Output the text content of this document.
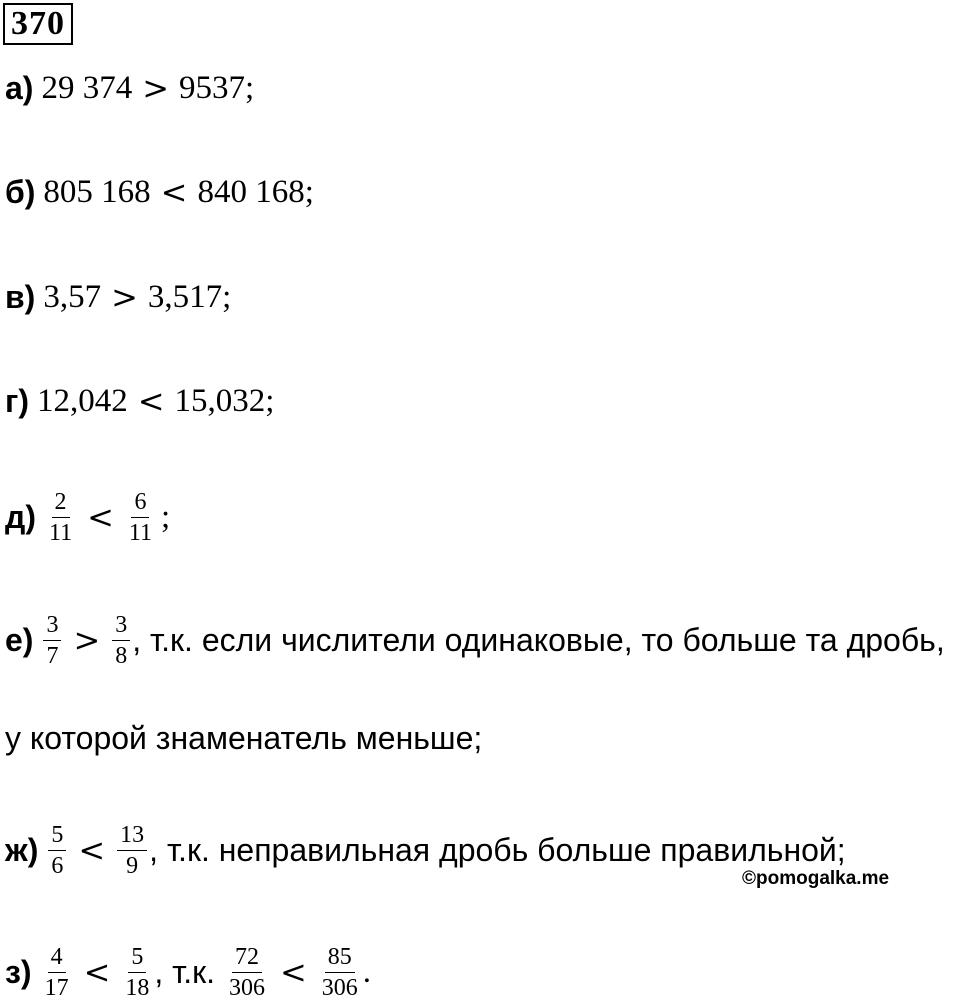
370
а) 29 374 > 9537 ;
б) 805 168 < 840 168 ;
в) 3,57 > 3,517 ;
г) 12,042 < 15,032 ;
$д) \frac{2}{11} < \frac{6}{11}$ ;
$е) \frac{3}{7} > \frac{3}{8}$ , т.к. если числители одинаковые, то больше та дробь,
у которой знаменатель меньше;
$ж) \frac{5}{6} < \frac{13}{9}$ , т.к. неправильная дробь больше правильной;
©pomogalka.me
$з) \frac{4}{17} < \frac{5}{18}$ , т.к. $\frac{72}{306} < \frac{85}{306}$ .
